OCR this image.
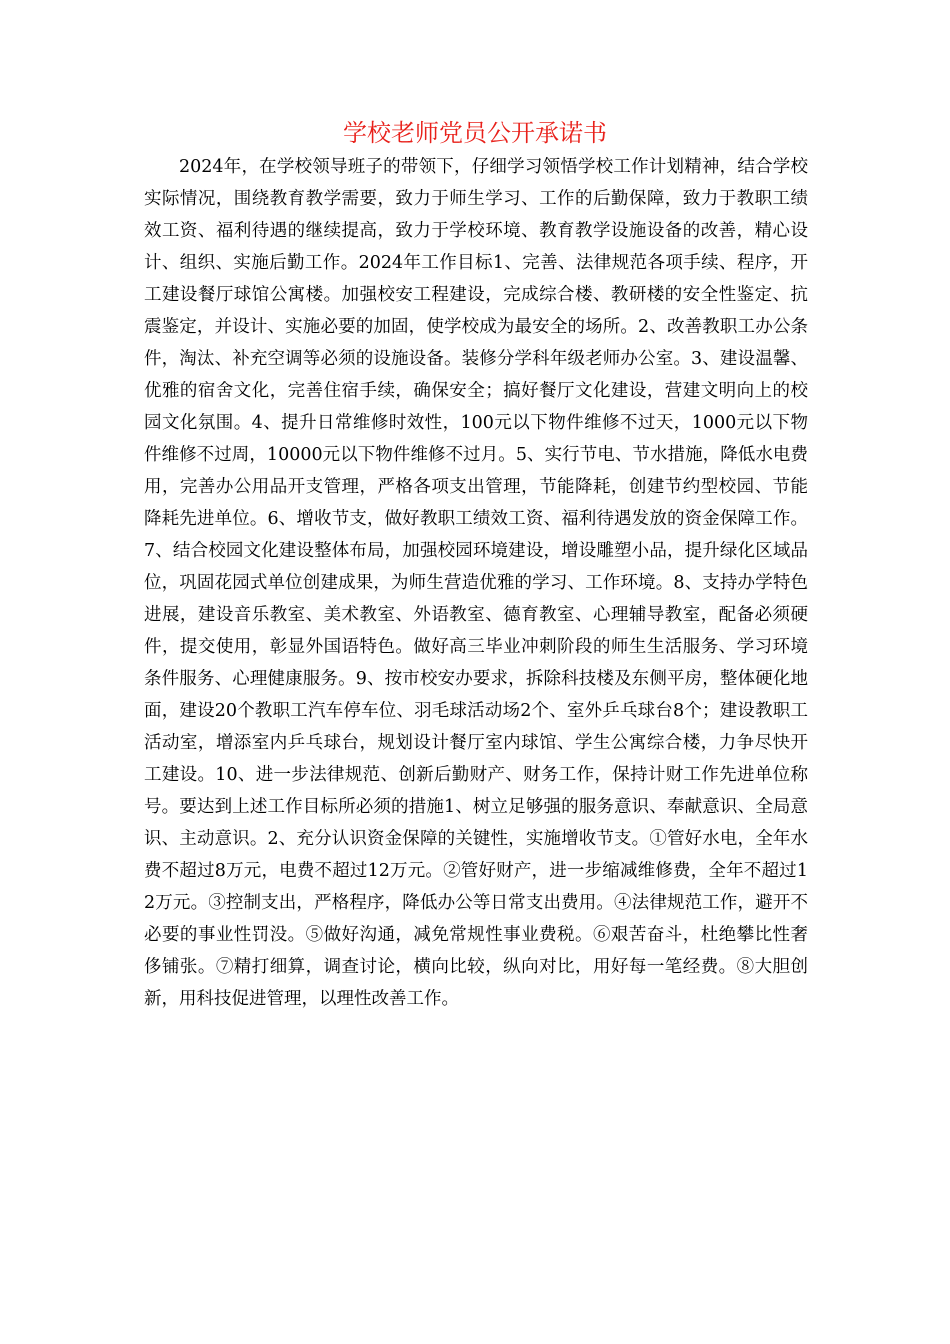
学校老师党员公开承诺书

2024年，在学校领导班子的带领下，仔细学习领悟学校工作计划精神，结合学校实际情况，围绕教育教学需要，致力于师生学习、工作的后勤保障，致力于教职工绩效工资、福利待遇的继续提高，致力于学校环境、教育教学设施设备的改善，精心设计、组织、实施后勤工作。2024年工作目标1、完善、法律规范各项手续、程序，开工建设餐厅球馆公寓楼。加强校安工程建设，完成综合楼、教研楼的安全性鉴定、抗震鉴定，并设计、实施必要的加固，使学校成为最安全的场所。2、改善教职工办公条件，淘汰、补充空调等必须的设施设备。装修分学科年级老师办公室。3、建设温馨、优雅的宿舍文化，完善住宿手续，确保安全；搞好餐厅文化建设，营建文明向上的校园文化氛围。4、提升日常维修时效性，100元以下物件维修不过天，1000元以下物件维修不过周，10000元以下物件维修不过月。5、实行节电、节水措施，降低水电费用，完善办公用品开支管理，严格各项支出管理，节能降耗，创建节约型校园、节能降耗先进单位。6、增收节支，做好教职工绩效工资、福利待遇发放的资金保障工作。7、结合校园文化建设整体布局，加强校园环境建设，增设雕塑小品，提升绿化区域品位，巩固花园式单位创建成果，为师生营造优雅的学习、工作环境。8、支持办学特色进展，建设音乐教室、美术教室、外语教室、德育教室、心理辅导教室，配备必须硬件，提交使用，彰显外国语特色。做好高三毕业冲刺阶段的师生生活服务、学习环境条件服务、心理健康服务。9、按市校安办要求，拆除科技楼及东侧平房，整体硬化地面，建设20个教职工汽车停车位、羽毛球活动场2个、室外乒乓球台8个；建设教职工活动室，增添室内乒乓球台，规划设计餐厅室内球馆、学生公寓综合楼，力争尽快开工建设。10、进一步法律规范、创新后勤财产、财务工作，保持计财工作先进单位称号。要达到上述工作目标所必须的措施1、树立足够强的服务意识、奉献意识、全局意识、主动意识。2、充分认识资金保障的关键性，实施增收节支。①管好水电，全年水费不超过8万元，电费不超过12万元。②管好财产，进一步缩减维修费，全年不超过12万元。③控制支出，严格程序，降低办公等日常支出费用。④法律规范工作，避开不必要的事业性罚没。⑤做好沟通，减免常规性事业费税。⑥艰苦奋斗，杜绝攀比性奢侈铺张。⑦精打细算，调查讨论，横向比较，纵向对比，用好每一笔经费。⑧大胆创新，用科技促进管理，以理性改善工作。
